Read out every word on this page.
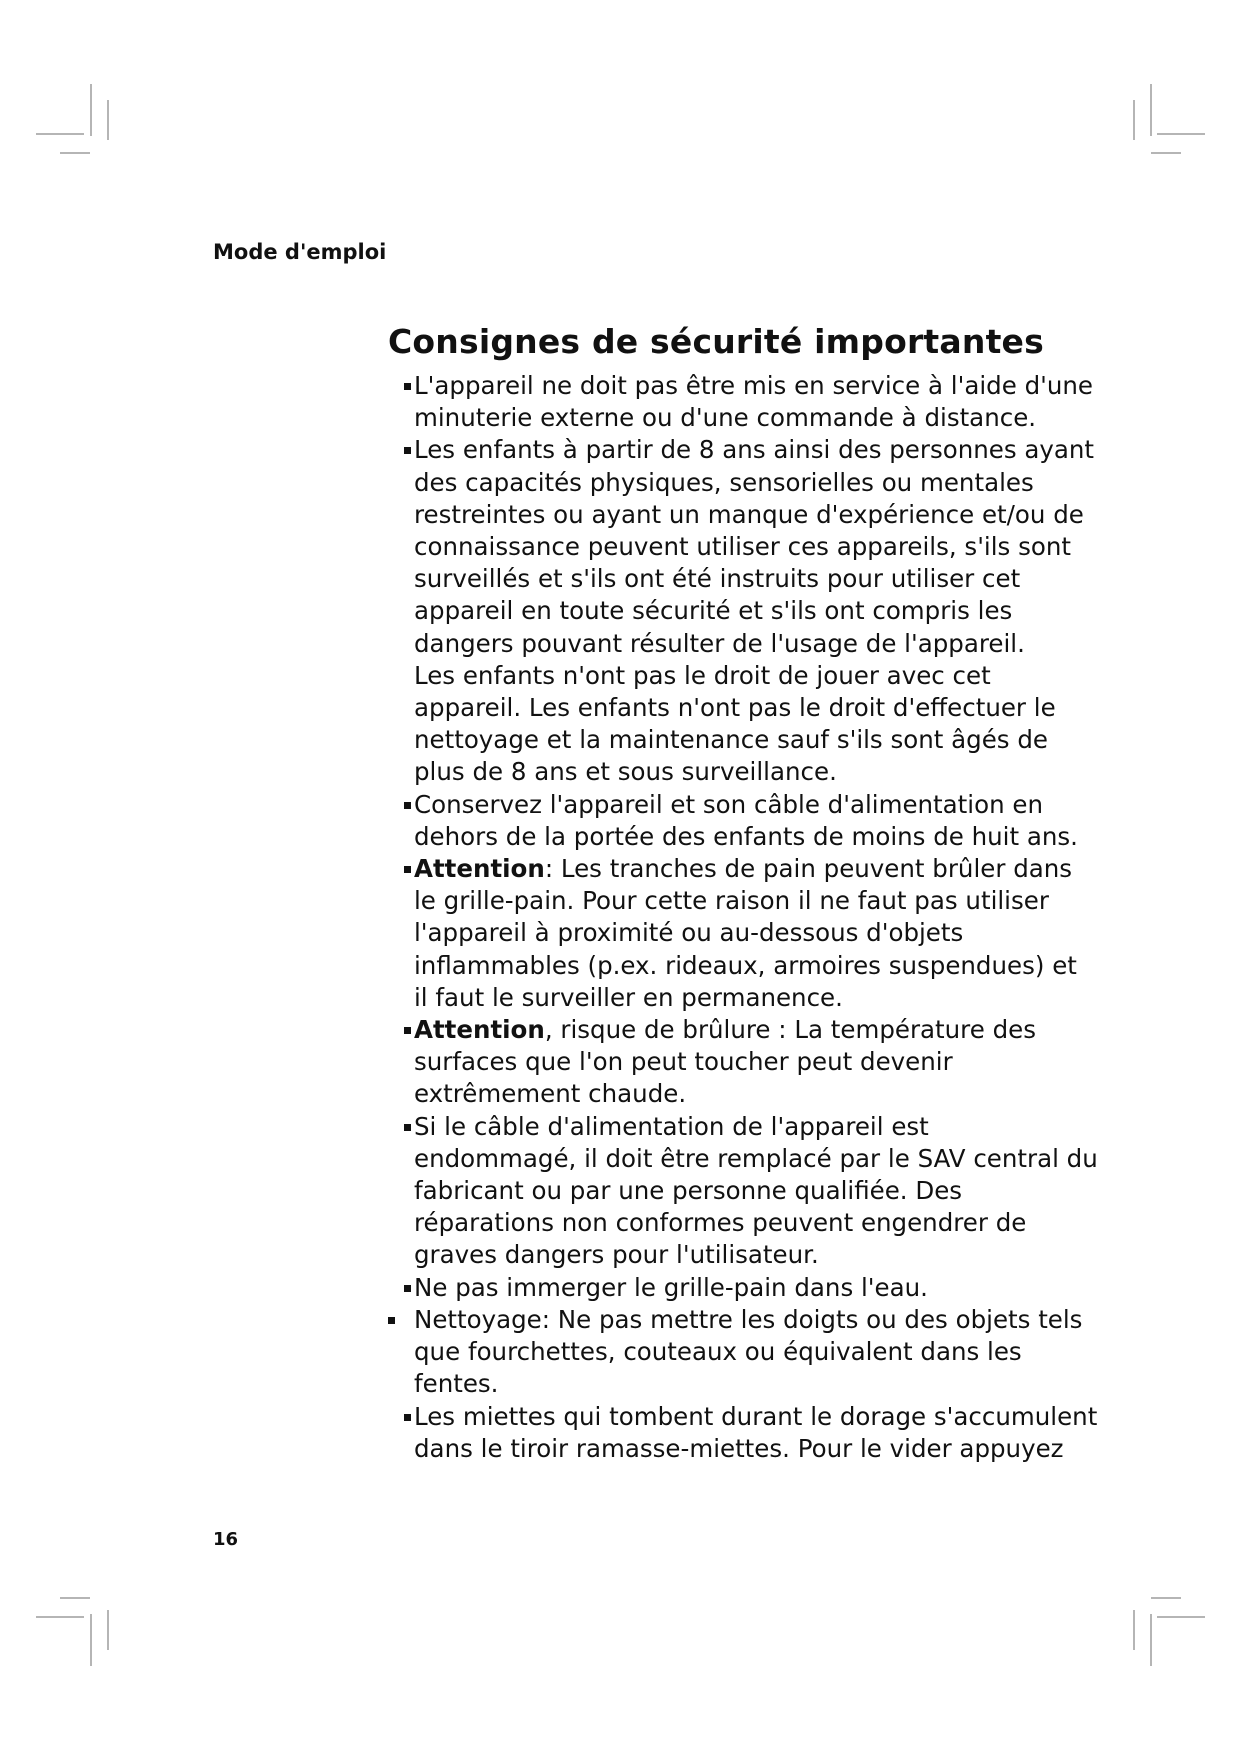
Mode d'emploi
Consignes de sécurité importantes
L'appareil ne doit pas être mis en service à l'aide d'une minuterie externe ou d'une commande à distance.
Les enfants à partir de 8 ans ainsi des personnes ayant des capacités physiques, sensorielles ou mentales restreintes ou ayant un manque d'expérience et/ou de connaissance peuvent utiliser ces appareils, s'ils sont surveillés et s'ils ont été instruits pour utiliser cet appareil en toute sécurité et s'ils ont compris les dangers pouvant résulter de l'usage de l'appareil.
Les enfants n'ont pas le droit de jouer avec cet appareil. Les enfants n'ont pas le droit d'effectuer le nettoyage et la maintenance sauf s'ils sont âgés de plus de 8 ans et sous surveillance.
Conservez l'appareil et son câble d'alimentation en dehors de la portée des enfants de moins de huit ans.
Attention: Les tranches de pain peuvent brûler dans le grille-pain. Pour cette raison il ne faut pas utiliser l'appareil à proximité ou au-dessous d'objets inflammables (p.ex. rideaux, armoires suspendues) et il faut le surveiller en permanence.
Attention, risque de brûlure : La température des surfaces que l'on peut toucher peut devenir extrêmement chaude.
Si le câble d'alimentation de l'appareil est endommagé, il doit être remplacé par le SAV central du fabricant ou par une personne qualifiée. Des réparations non conformes peuvent engendrer de graves dangers pour l'utilisateur.
Ne pas immerger le grille-pain dans l'eau.
Nettoyage: Ne pas mettre les doigts ou des objets tels que fourchettes, couteaux ou équivalent dans les fentes.
Les miettes qui tombent durant le dorage s'accumulent dans le tiroir ramasse-miettes. Pour le vider appuyez
16
